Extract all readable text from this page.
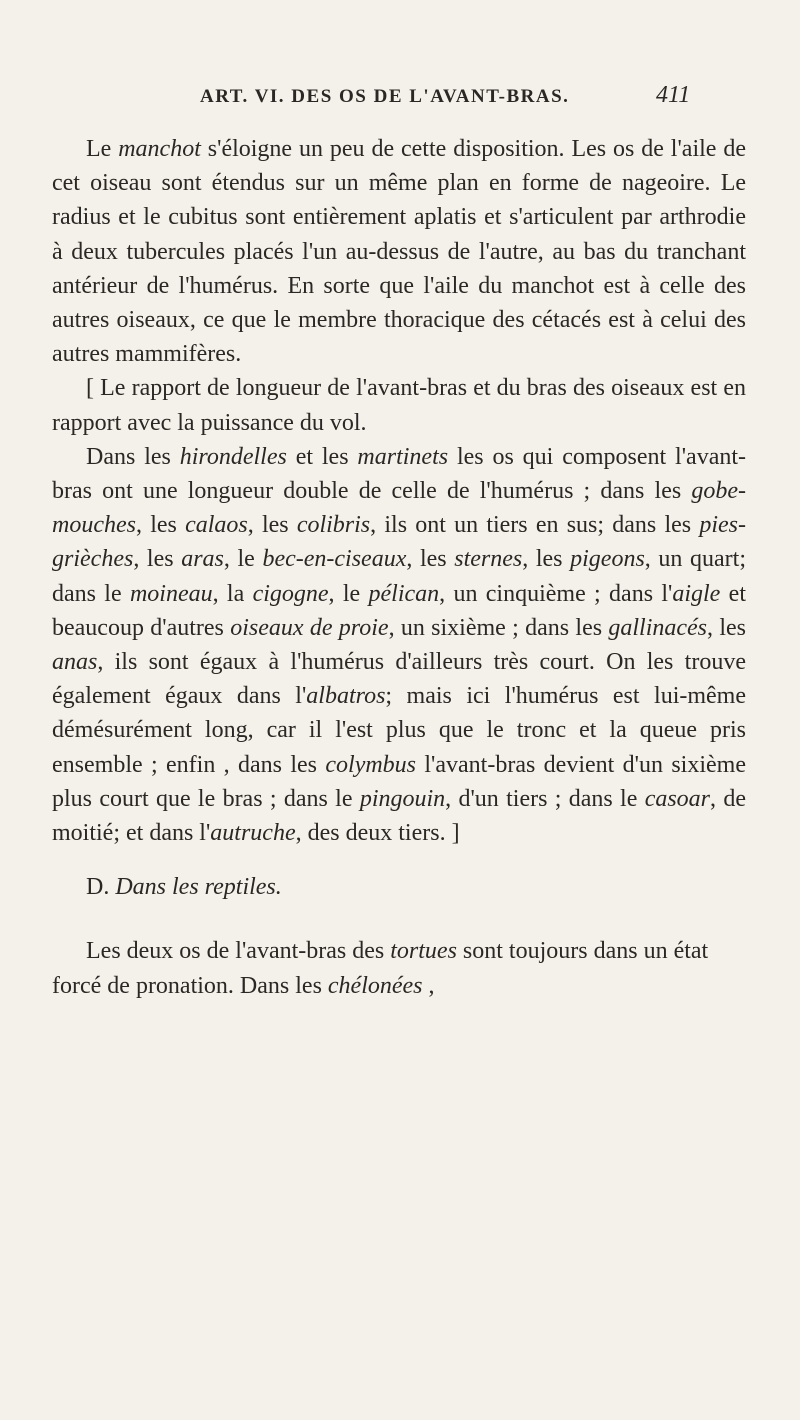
ART. VI. DES OS DE L'AVANT-BRAS.	411

Le manchot s'éloigne un peu de cette disposition. Les os de l'aile de cet oiseau sont étendus sur un même plan en forme de nageoire. Le radius et le cubitus sont entièrement aplatis et s'articulent par arthrodie à deux tubercules placés l'un au-dessus de l'autre, au bas du tranchant antérieur de l'humérus. En sorte que l'aile du manchot est à celle des autres oiseaux, ce que le membre thoracique des cétacés est à celui des autres mammifères.

[ Le rapport de longueur de l'avant-bras et du bras des oiseaux est en rapport avec la puissance du vol.

Dans les hirondelles et les martinets les os qui composent l'avant-bras ont une longueur double de celle de l'humérus ; dans les gobe-mouches, les calaos, les colibris, ils ont un tiers en sus; dans les pies-grièches, les aras, le bec-en-ciseaux, les sternes, les pigeons, un quart; dans le moineau, la cigogne, le pélican, un cinquième ; dans l'aigle et beaucoup d'autres oiseaux de proie, un sixième ; dans les gallinacés, les anas, ils sont égaux à l'humérus d'ailleurs très court. On les trouve également égaux dans l'albatros; mais ici l'humérus est lui-même démésurément long, car il l'est plus que le tronc et la queue pris ensemble ; enfin , dans les colymbus l'avant-bras devient d'un sixième plus court que le bras ; dans le pingouin, d'un tiers ; dans le casoar, de moitié; et dans l'autruche, des deux tiers. ]

D. Dans les reptiles.

Les deux os de l'avant-bras des tortues sont toujours dans un état forcé de pronation. Dans les chélonées ,
